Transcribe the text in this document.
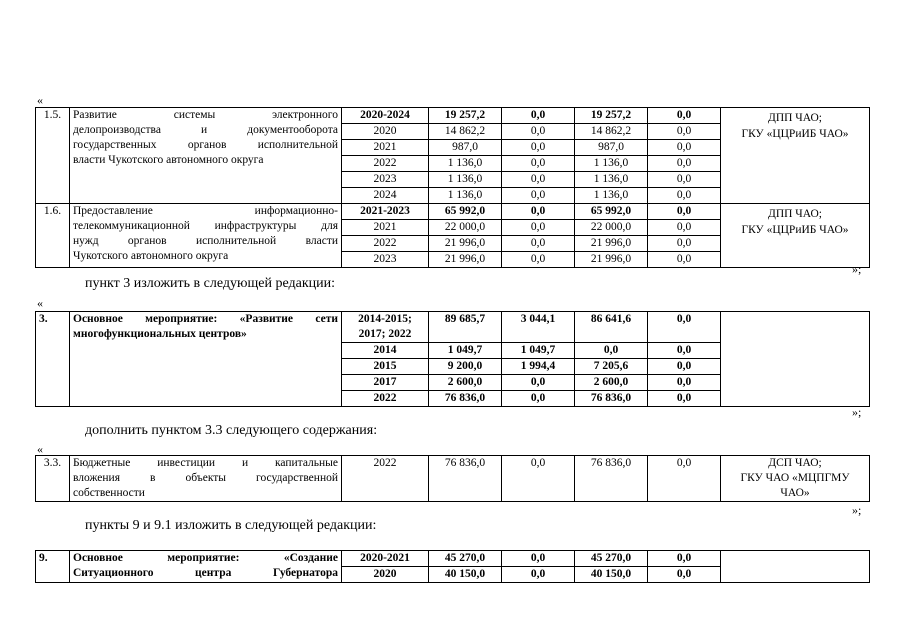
«
1.5.	Развитие системы электронного
делопроизводства и документооборота
государственных органов исполнительной
власти Чукотского автономного округа	2020-2024	19 257,2	0,0	19 257,2	0,0	ДПП ЧАО;
ГКУ «ЦЦРиИБ ЧАО»

		2020	14 862,2	0,0	14 862,2	0,0	
		2021	987,0	0,0	987,0	0,0	
		2022	1 136,0	0,0	1 136,0	0,0	
		2023	1 136,0	0,0	1 136,0	0,0	
		2024	1 136,0	0,0	1 136,0	0,0	
1.6.	Предоставление информационно-
телекоммуникационной инфраструктуры для
нужд органов исполнительной власти
Чукотского автономного округа	2021-2023	65 992,0	0,0	65 992,0	0,0	ДПП ЧАО;
ГКУ «ЦЦРиИБ ЧАО»

		2021	22 000,0	0,0	22 000,0	0,0	
		2022	21 996,0	0,0	21 996,0	0,0	
		2023	21 996,0	0,0	21 996,0	0,0	
»;
пункт 3 изложить в следующей редакции:
«
3.	Основное мероприятие: «Развитие сети
многофункциональных центров»	2014-2015;
2017; 2022	89 685,7	3 044,1	86 641,6	0,0	
		2014	1 049,7	1 049,7	0,0	0,0	
		2015	9 200,0	1 994,4	7 205,6	0,0	
		2017	2 600,0	0,0	2 600,0	0,0	
		2022	76 836,0	0,0	76 836,0	0,0	
»;
дополнить пунктом 3.3 следующего содержания:
«
3.3.	Бюджетные инвестиции и капитальные
вложения в объекты государственной
собственности
	2022	76 836,0	0,0	76 836,0	0,0	ДСП ЧАО;
ГКУ ЧАО «МЦПГМУ
ЧАО»
»;
пункты 9 и 9.1 изложить в следующей редакции:
9.	Основное мероприятие: «Создание
Ситуационного центра Губернатора	2020-2021	45 270,0	0,0	45 270,0	0,0	
		2020	40 150,0	0,0	40 150,0	0,0	
